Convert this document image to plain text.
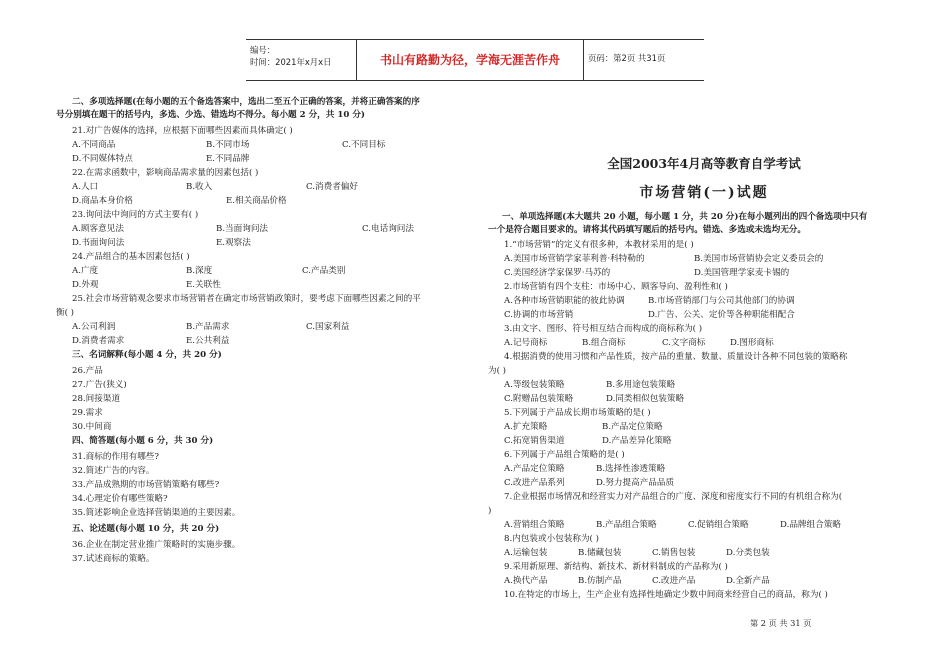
编号：
时间：2021年x月x日	书山有路勤为径，学海无涯苦作舟	页码：第2页 共31页
二、多项选择题(在每小题的五个备选答案中，选出二至五个正确的答案，并将正确答案的序
号分别填在题干的括号内，多选、少选、错选均不得分。每小题 2 分，共 10 分)
21.对广告媒体的选择，应根据下面哪些因素而具体确定( )
A.不同商品	B.不同市场	C.不同目标
D.不同媒体特点	E.不同品牌
22.在需求函数中，影响商品需求量的因素包括( )
A.人口	B.收入	C.消费者偏好
D.商品本身价格	E.相关商品价格
23.询问法中询问的方式主要有( )
A.顾客意见法	B.当面询问法	C.电话询问法
D.书面询问法	E.观察法
24.产品组合的基本因素包括( )
A.广度	B.深度	C.产品类别
D.外观	E.关联性
25.社会市场营销观念要求市场营销者在确定市场营销政策时，要考虑下面哪些因素之间的平
衡( )
A.公司利润	B.产品需求	C.国家利益
D.消费者需求	E.公共利益
三、名词解释(每小题 4 分，共 20 分)
26.产品
27.广告(狭义)
28.间接渠道
29.需求
30.中间商
四、简答题(每小题 6 分，共 30 分)
31.商标的作用有哪些?
32.简述广告的内容。
33.产品成熟期的市场营销策略有哪些?
34.心理定价有哪些策略?
35.简述影响企业选择营销渠道的主要因素。
五、论述题(每小题 10 分，共 20 分)
36.企业在制定营业推广策略时的实施步骤。
37.试述商标的策略。
全国2003年4月高等教育自学考试
市场营销(一)试题
一、单项选择题(本大题共 20 小题，每小题 1 分，共 20 分)在每小题列出的四个备选项中只有
一个是符合题目要求的。请将其代码填写题后的括号内。错选、多选或未选均无分。
1.“市场营销”的定义有很多种，本教材采用的是( )
A.美国市场营销学家菲利普·科特勒的	B.美国市场营销协会定义委员会的
C.美国经济学家保罗·马苏的	D.美国管理学家麦卡锡的
2.市场营销有四个支柱：市场中心、顾客导向、盈利性和( )
A.各种市场营销职能的彼此协调	B.市场营销部门与公司其他部门的协调
C.协调的市场营销	D.广告、公关、定价等各种职能相配合
3.由文字、图形、符号相互结合而构成的商标称为( )
A.记号商标	B.组合商标	C.文字商标	D.图形商标
4.根据消费的使用习惯和产品性质，按产品的重量、数量、质量设计各种不同包装的策略称
为( )
A.等级包装策略	B.多用途包装策略
C.附赠品包装策略	D.同类相似包装策略
5.下列属于产品成长期市场策略的是( )
A.扩充策略	B.产品定位策略
C.拓宽销售渠道	D.产品差异化策略
6.下列属于产品组合策略的是( )
A.产品定位策略	B.选择性渗透策略
C.改进产品系列	D.努力提高产品品质
7.企业根据市场情况和经营实力对产品组合的广度、深度和密度实行不同的有机组合称为(
)
A.营销组合策略	B.产品组合策略	C.促销组合策略	D.品牌组合策略
8.内包装或小包装称为( )
A.运输包装	B.储藏包装	C.销售包装	D.分类包装
9.采用新原理、新结构、新技术、新材料制成的产品称为( )
A.换代产品	B.仿制产品	C.改进产品	D.全新产品
10.在特定的市场上，生产企业有选择性地确定少数中间商来经营自己的商品，称为( )
第 2 页 共 31 页
